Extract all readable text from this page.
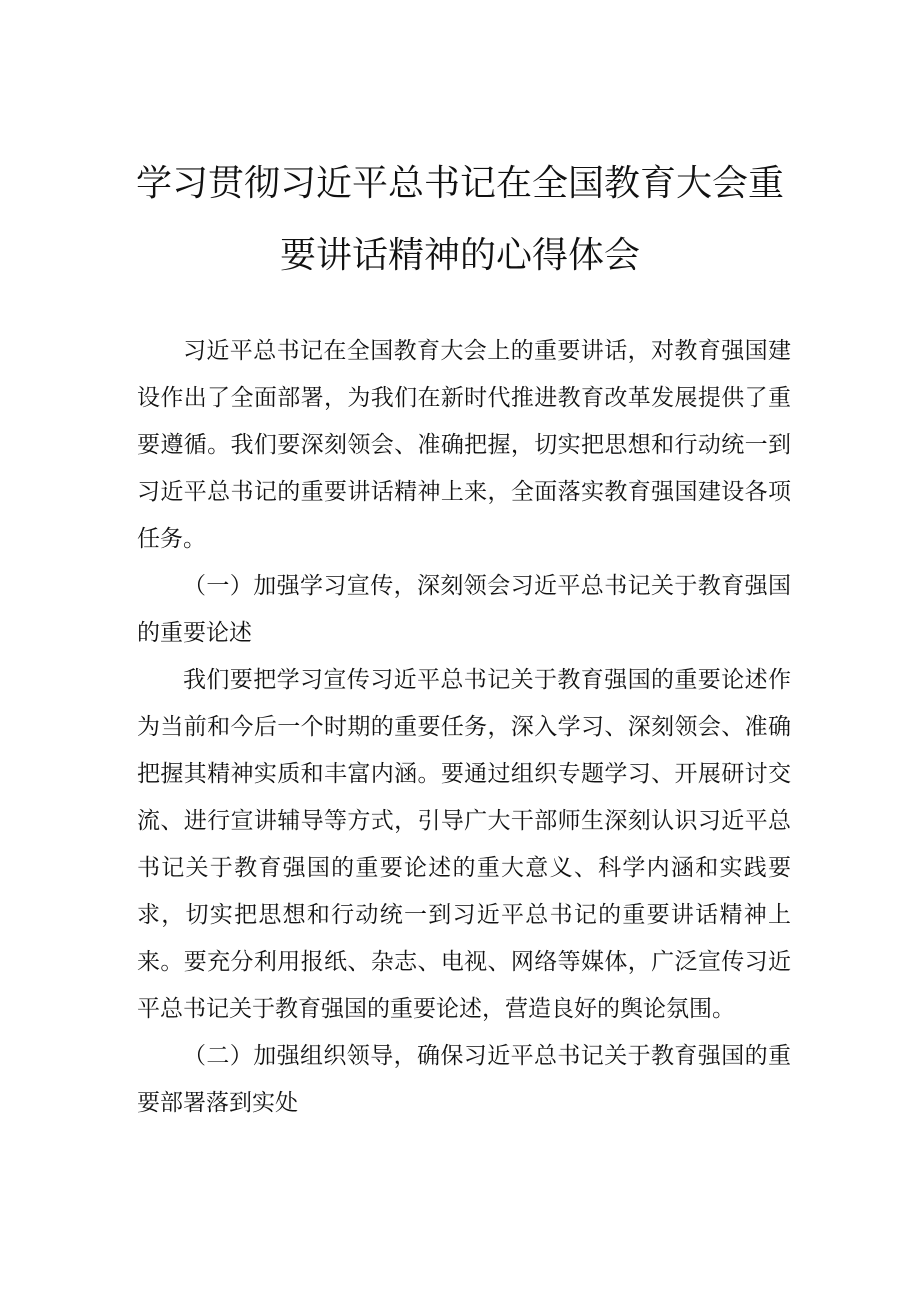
学习贯彻习近平总书记在全国教育大会重
要讲话精神的心得体会

习近平总书记在全国教育大会上的重要讲话，对教育强国建设作出了全面部署，为我们在新时代推进教育改革发展提供了重要遵循。我们要深刻领会、准确把握，切实把思想和行动统一到习近平总书记的重要讲话精神上来，全面落实教育强国建设各项任务。

（一）加强学习宣传，深刻领会习近平总书记关于教育强国的重要论述

我们要把学习宣传习近平总书记关于教育强国的重要论述作为当前和今后一个时期的重要任务，深入学习、深刻领会、准确把握其精神实质和丰富内涵。要通过组织专题学习、开展研讨交流、进行宣讲辅导等方式，引导广大干部师生深刻认识习近平总书记关于教育强国的重要论述的重大意义、科学内涵和实践要求，切实把思想和行动统一到习近平总书记的重要讲话精神上来。要充分利用报纸、杂志、电视、网络等媒体，广泛宣传习近平总书记关于教育强国的重要论述，营造良好的舆论氛围。

（二）加强组织领导，确保习近平总书记关于教育强国的重要部署落到实处
